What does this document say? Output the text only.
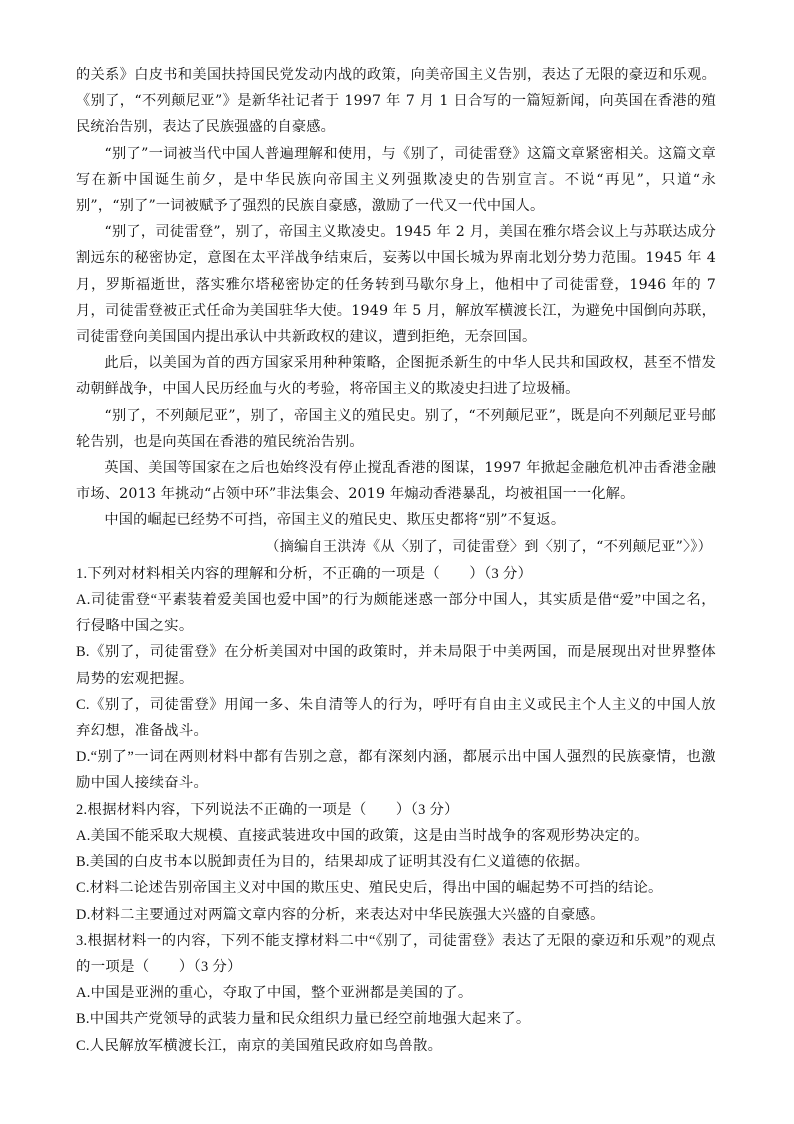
的关系》白皮书和美国扶持国民党发动内战的政策，向美帝国主义告别，表达了无限的豪迈和乐观。《别了，“不列颠尼亚”》是新华社记者于 1997 年 7 月 1 日合写的一篇短新闻，向英国在香港的殖民统治告别，表达了民族强盛的自豪感。

“别了”一词被当代中国人普遍理解和使用，与《别了，司徒雷登》这篇文章紧密相关。这篇文章写在新中国诞生前夕，是中华民族向帝国主义列强欺凌史的告别宣言。不说“再见”，只道“永别”，“别了”一词被赋予了强烈的民族自豪感，激励了一代又一代中国人。

“别了，司徒雷登”，别了，帝国主义欺凌史。1945 年 2 月，美国在雅尔塔会议上与苏联达成分割远东的秘密协定，意图在太平洋战争结束后，妄莠以中国长城为界南北划分势力范围。1945 年 4 月，罗斯福逝世，落实雅尔塔秘密协定的任务转到马歇尔身上，他相中了司徒雷登，1946 年的 7 月，司徒雷登被正式任命为美国驻华大使。1949 年 5 月，解放军横渡长江，为避免中国倒向苏联，司徒雷登向美国国内提出承认中共新政权的建议，遭到拒绝，无奈回国。

此后，以美国为首的西方国家采用种种策略，企图扼杀新生的中华人民共和国政权，甚至不惜发动朝鲜战争，中国人民历经血与火的考验，将帝国主义的欺凌史扫进了垃圾桶。

“别了，不列颠尼亚”，别了，帝国主义的殖民史。别了，“不列颠尼亚”，既是向不列颠尼亚号邮轮告别，也是向英国在香港的殖民统治告别。

英国、美国等国家在之后也始终没有停止搅乱香港的图谋，1997 年掀起金融危机冲击香港金融市场、2013 年挑动“占领中环”非法集会、2019 年煽动香港暴乱，均被祖国一一化解。

中国的崛起已经势不可挡，帝国主义的殖民史、欺压史都将“别”不复返。

（摘编自王洪涛《从〈别了，司徒雷登〉到〈别了，“不列颠尼亚”〉》）

1.下列对材料相关内容的理解和分析，不正确的一项是（　　）（3 分）

A.司徒雷登“平素装着爱美国也爱中国”的行为颇能迷惑一部分中国人，其实质是借“爱”中国之名，行侵略中国之实。

B.《别了，司徒雷登》在分析美国对中国的政策时，并未局限于中美两国，而是展现出对世界整体局势的宏观把握。

C.《别了，司徒雷登》用闻一多、朱自清等人的行为，呼吁有自由主义或民主个人主义的中国人放弃幻想，准备战斗。

D.“别了”一词在两则材料中都有告别之意，都有深刻内涵，都展示出中国人强烈的民族豪情，也激励中国人接续奋斗。

2.根据材料内容，下列说法不正确的一项是（　　）（3 分）

A.美国不能采取大规模、直接武装进攻中国的政策，这是由当时战争的客观形势决定的。

B.美国的白皮书本以脱卸责任为目的，结果却成了证明其没有仁义道德的依据。

C.材料二论述告别帝国主义对中国的欺压史、殖民史后，得出中国的崛起势不可挡的结论。

D.材料二主要通过对两篇文章内容的分析，来表达对中华民族强大兴盛的自豪感。

3.根据材料一的内容，下列不能支撑材料二中“《别了，司徒雷登》表达了无限的豪迈和乐观”的观点的一项是（　　）（3 分）

A.中国是亚洲的重心，夺取了中国，整个亚洲都是美国的了。

B.中国共产党领导的武装力量和民众组织力量已经空前地强大起来了。

C.人民解放军横渡长江，南京的美国殖民政府如鸟兽散。
